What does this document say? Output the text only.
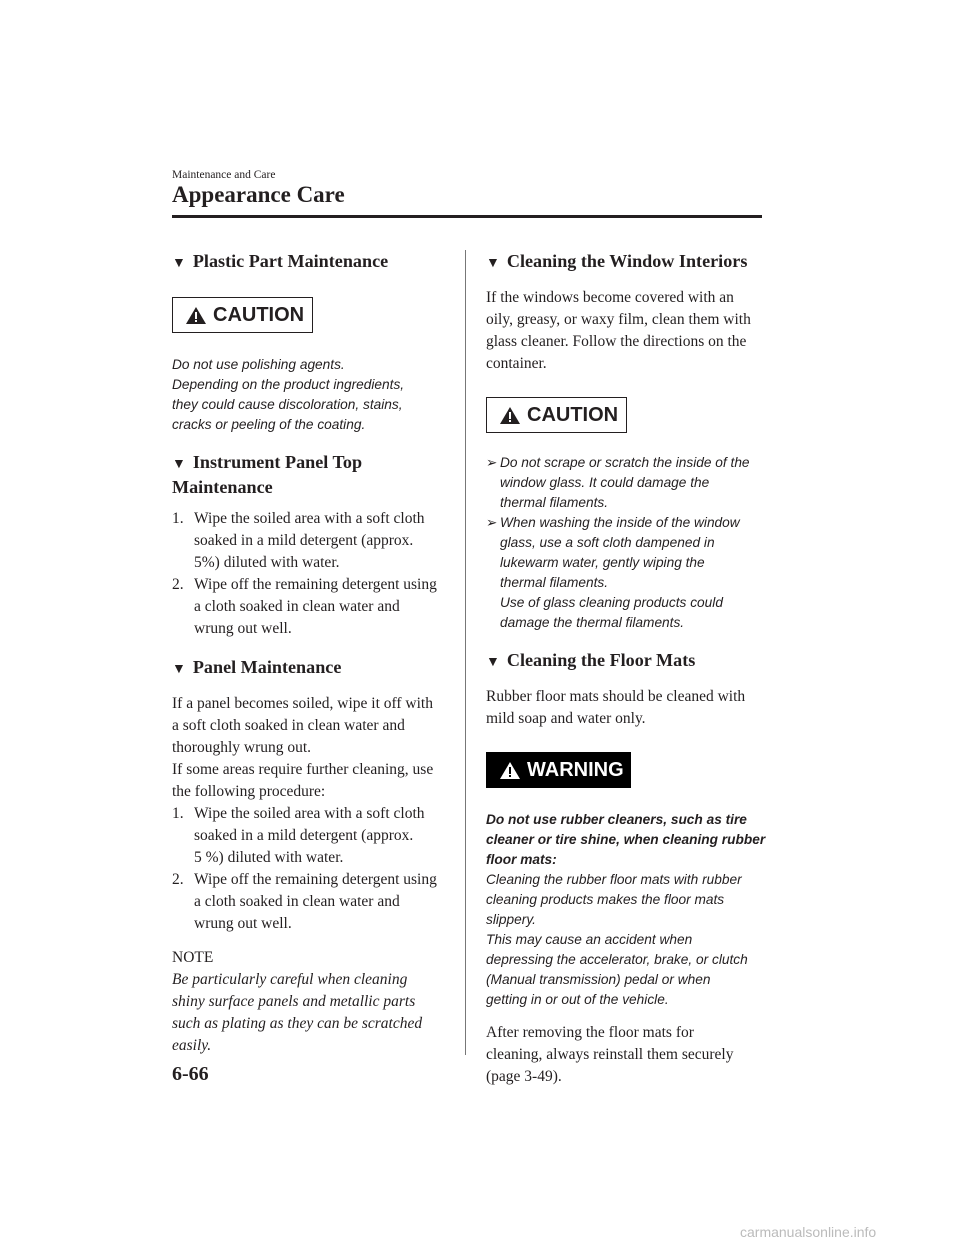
Maintenance and Care
Appearance Care
▼ Plastic Part Maintenance
CAUTION
Do not use polishing agents.
Depending on the product ingredients,
they could cause discoloration, stains,
cracks or peeling of the coating.
▼ Instrument Panel Top Maintenance
1. Wipe the soiled area with a soft cloth
soaked in a mild detergent (approx.
5%) diluted with water.
2. Wipe off the remaining detergent using
a cloth soaked in clean water and
wrung out well.
▼ Panel Maintenance
If a panel becomes soiled, wipe it off with
a soft cloth soaked in clean water and
thoroughly wrung out.
If some areas require further cleaning, use
the following procedure:
1. Wipe the soiled area with a soft cloth
soaked in a mild detergent (approx.
5 %) diluted with water.
2. Wipe off the remaining detergent using
a cloth soaked in clean water and
wrung out well.
NOTE
Be particularly careful when cleaning
shiny surface panels and metallic parts
such as plating as they can be scratched
easily.
▼ Cleaning the Window Interiors
If the windows become covered with an
oily, greasy, or waxy film, clean them with
glass cleaner. Follow the directions on the
container.
CAUTION
➢ Do not scrape or scratch the inside of the
window glass. It could damage the
thermal filaments.
➢ When washing the inside of the window
glass, use a soft cloth dampened in
lukewarm water, gently wiping the
thermal filaments.
Use of glass cleaning products could
damage the thermal filaments.
▼ Cleaning the Floor Mats
Rubber floor mats should be cleaned with
mild soap and water only.
WARNING
Do not use rubber cleaners, such as tire
cleaner or tire shine, when cleaning rubber
floor mats:
Cleaning the rubber floor mats with rubber
cleaning products makes the floor mats
slippery.
This may cause an accident when
depressing the accelerator, brake, or clutch
(Manual transmission) pedal or when
getting in or out of the vehicle.
After removing the floor mats for
cleaning, always reinstall them securely
(page 3-49).
6-66
carmanualsonline.info
